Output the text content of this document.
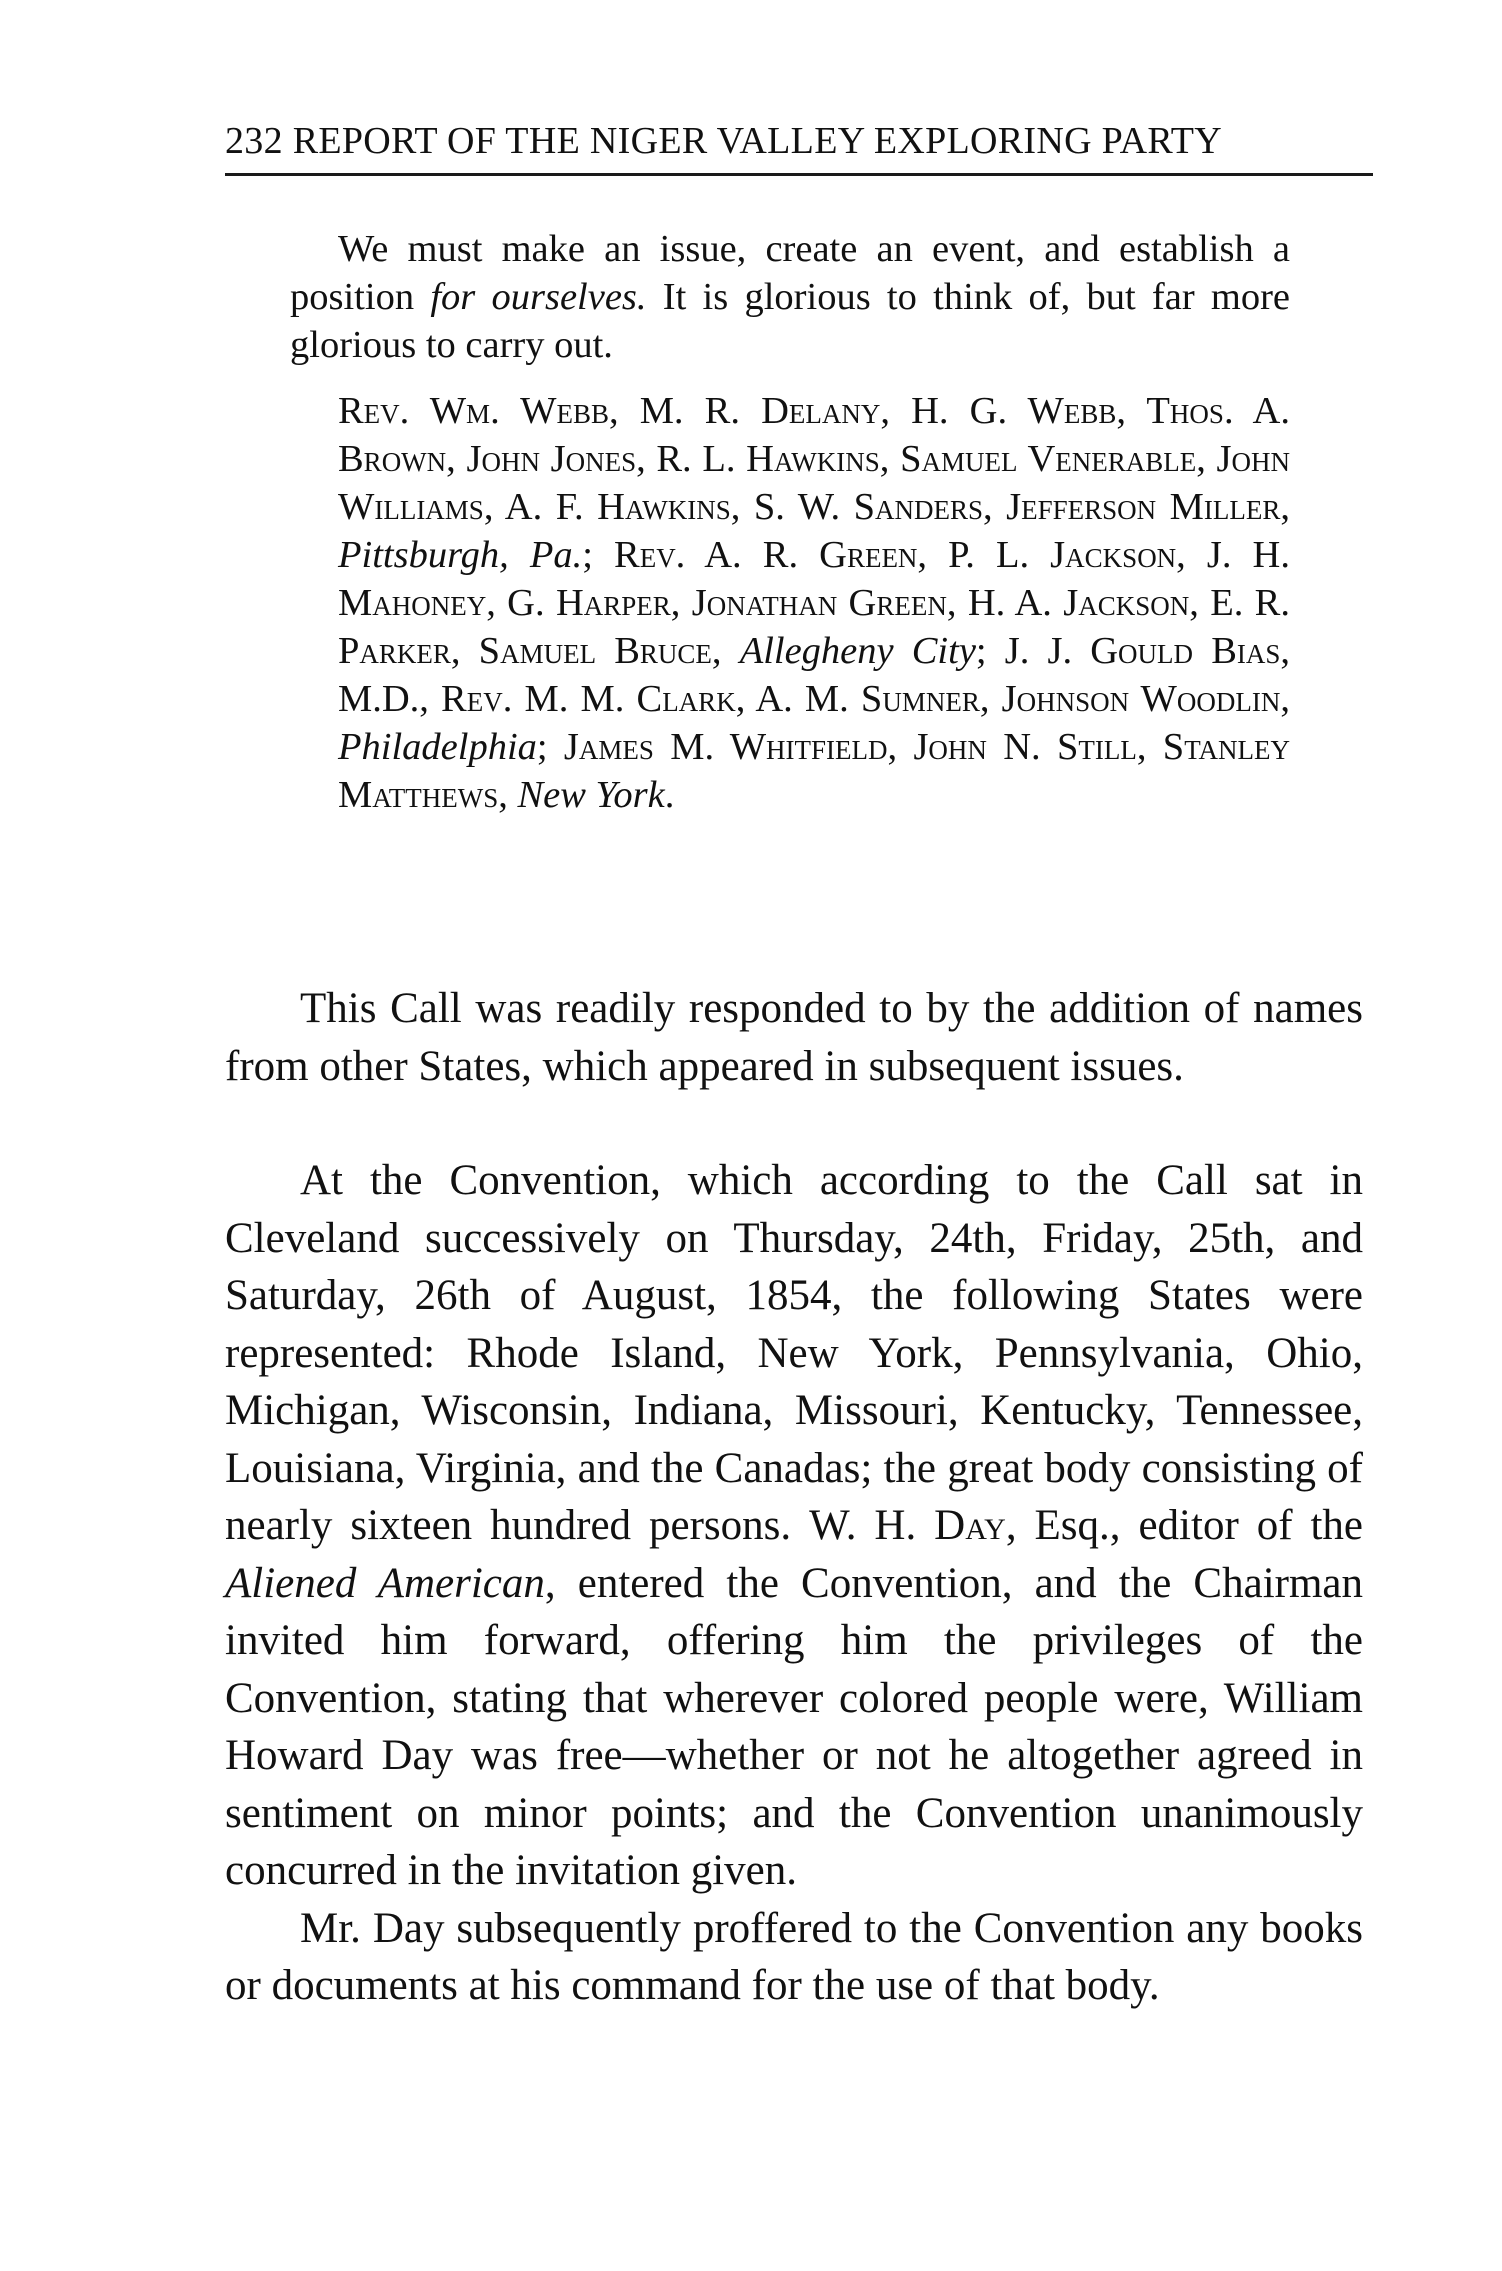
232 REPORT OF THE NIGER VALLEY EXPLORING PARTY

We must make an issue, create an event, and establish a position for ourselves. It is glorious to think of, but far more glorious to carry out.

Rev. Wm. Webb, M. R. Delany, H. G. Webb, Thos. A. Brown, John Jones, R. L. Hawkins, Samuel Venerable, John Williams, A. F. Hawkins, S. W. Sanders, Jefferson Miller, Pittsburgh, Pa.; Rev. A. R. Green, P. L. Jackson, J. H. Mahoney, G. Harper, Jonathan Green, H. A. Jackson, E. R. Parker, Samuel Bruce, Allegheny City; J. J. Gould Bias, M.D., Rev. M. M. Clark, A. M. Sumner, Johnson Woodlin, Philadelphia; James M. Whitfield, John N. Still, Stanley Matthews, New York.

This Call was readily responded to by the addition of names from other States, which appeared in subsequent issues.

At the Convention, which according to the Call sat in Cleveland successively on Thursday, 24th, Friday, 25th, and Saturday, 26th of August, 1854, the following States were represented: Rhode Island, New York, Pennsylvania, Ohio, Michigan, Wisconsin, Indiana, Missouri, Kentucky, Tennessee, Louisiana, Virginia, and the Canadas; the great body consisting of nearly sixteen hundred persons. W. H. Day, Esq., editor of the Aliened American, entered the Convention, and the Chairman invited him forward, offering him the privileges of the Convention, stating that wherever colored people were, William Howard Day was free—whether or not he altogether agreed in sentiment on minor points; and the Convention unanimously concurred in the invitation given.

Mr. Day subsequently proffered to the Convention any books or documents at his command for the use of that body.
